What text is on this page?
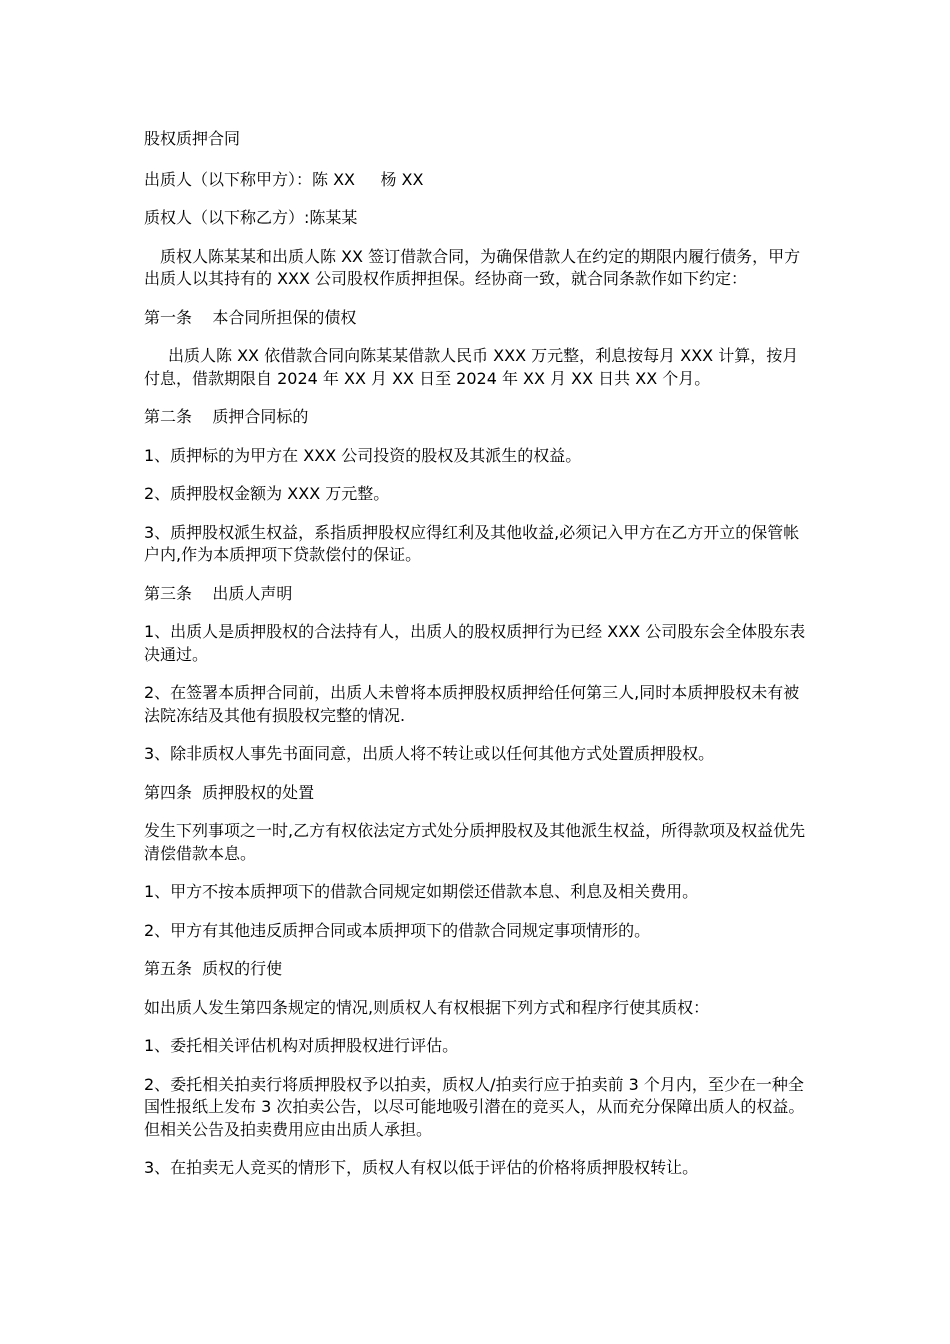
股权质押合同

出质人（以下称甲方）：陈 XX     杨 XX

质权人（以下称乙方）:陈某某

质权人陈某某和出质人陈 XX 签订借款合同，为确保借款人在约定的期限内履行债务，甲方出质人以其持有的 XXX 公司股权作质押担保。经协商一致，就合同条款作如下约定：

第一条    本合同所担保的债权

出质人陈 XX 依借款合同向陈某某借款人民币 XXX 万元整，利息按每月 XXX 计算，按月付息，借款期限自 2024 年 XX 月 XX 日至 2024 年 XX 月 XX 日共 XX 个月。

第二条    质押合同标的

1、质押标的为甲方在 XXX 公司投资的股权及其派生的权益。

2、质押股权金额为 XXX 万元整。

3、质押股权派生权益，系指质押股权应得红利及其他收益,必须记入甲方在乙方开立的保管帐户内,作为本质押项下贷款偿付的保证。

第三条    出质人声明

1、出质人是质押股权的合法持有人，出质人的股权质押行为已经 XXX 公司股东会全体股东表决通过。

2、在签署本质押合同前，出质人未曾将本质押股权质押给任何第三人,同时本质押股权未有被法院冻结及其他有损股权完整的情况.

3、除非质权人事先书面同意，出质人将不转让或以任何其他方式处置质押股权。

第四条  质押股权的处置

发生下列事项之一时,乙方有权依法定方式处分质押股权及其他派生权益，所得款项及权益优先清偿借款本息。

1、甲方不按本质押项下的借款合同规定如期偿还借款本息、利息及相关费用。

2、甲方有其他违反质押合同或本质押项下的借款合同规定事项情形的。

第五条  质权的行使

如出质人发生第四条规定的情况,则质权人有权根据下列方式和程序行使其质权：

1、委托相关评估机构对质押股权进行评估。

2、委托相关拍卖行将质押股权予以拍卖，质权人/拍卖行应于拍卖前 3 个月内，至少在一种全国性报纸上发布 3 次拍卖公告，以尽可能地吸引潜在的竞买人，从而充分保障出质人的权益。但相关公告及拍卖费用应由出质人承担。

3、在拍卖无人竞买的情形下，质权人有权以低于评估的价格将质押股权转让。
